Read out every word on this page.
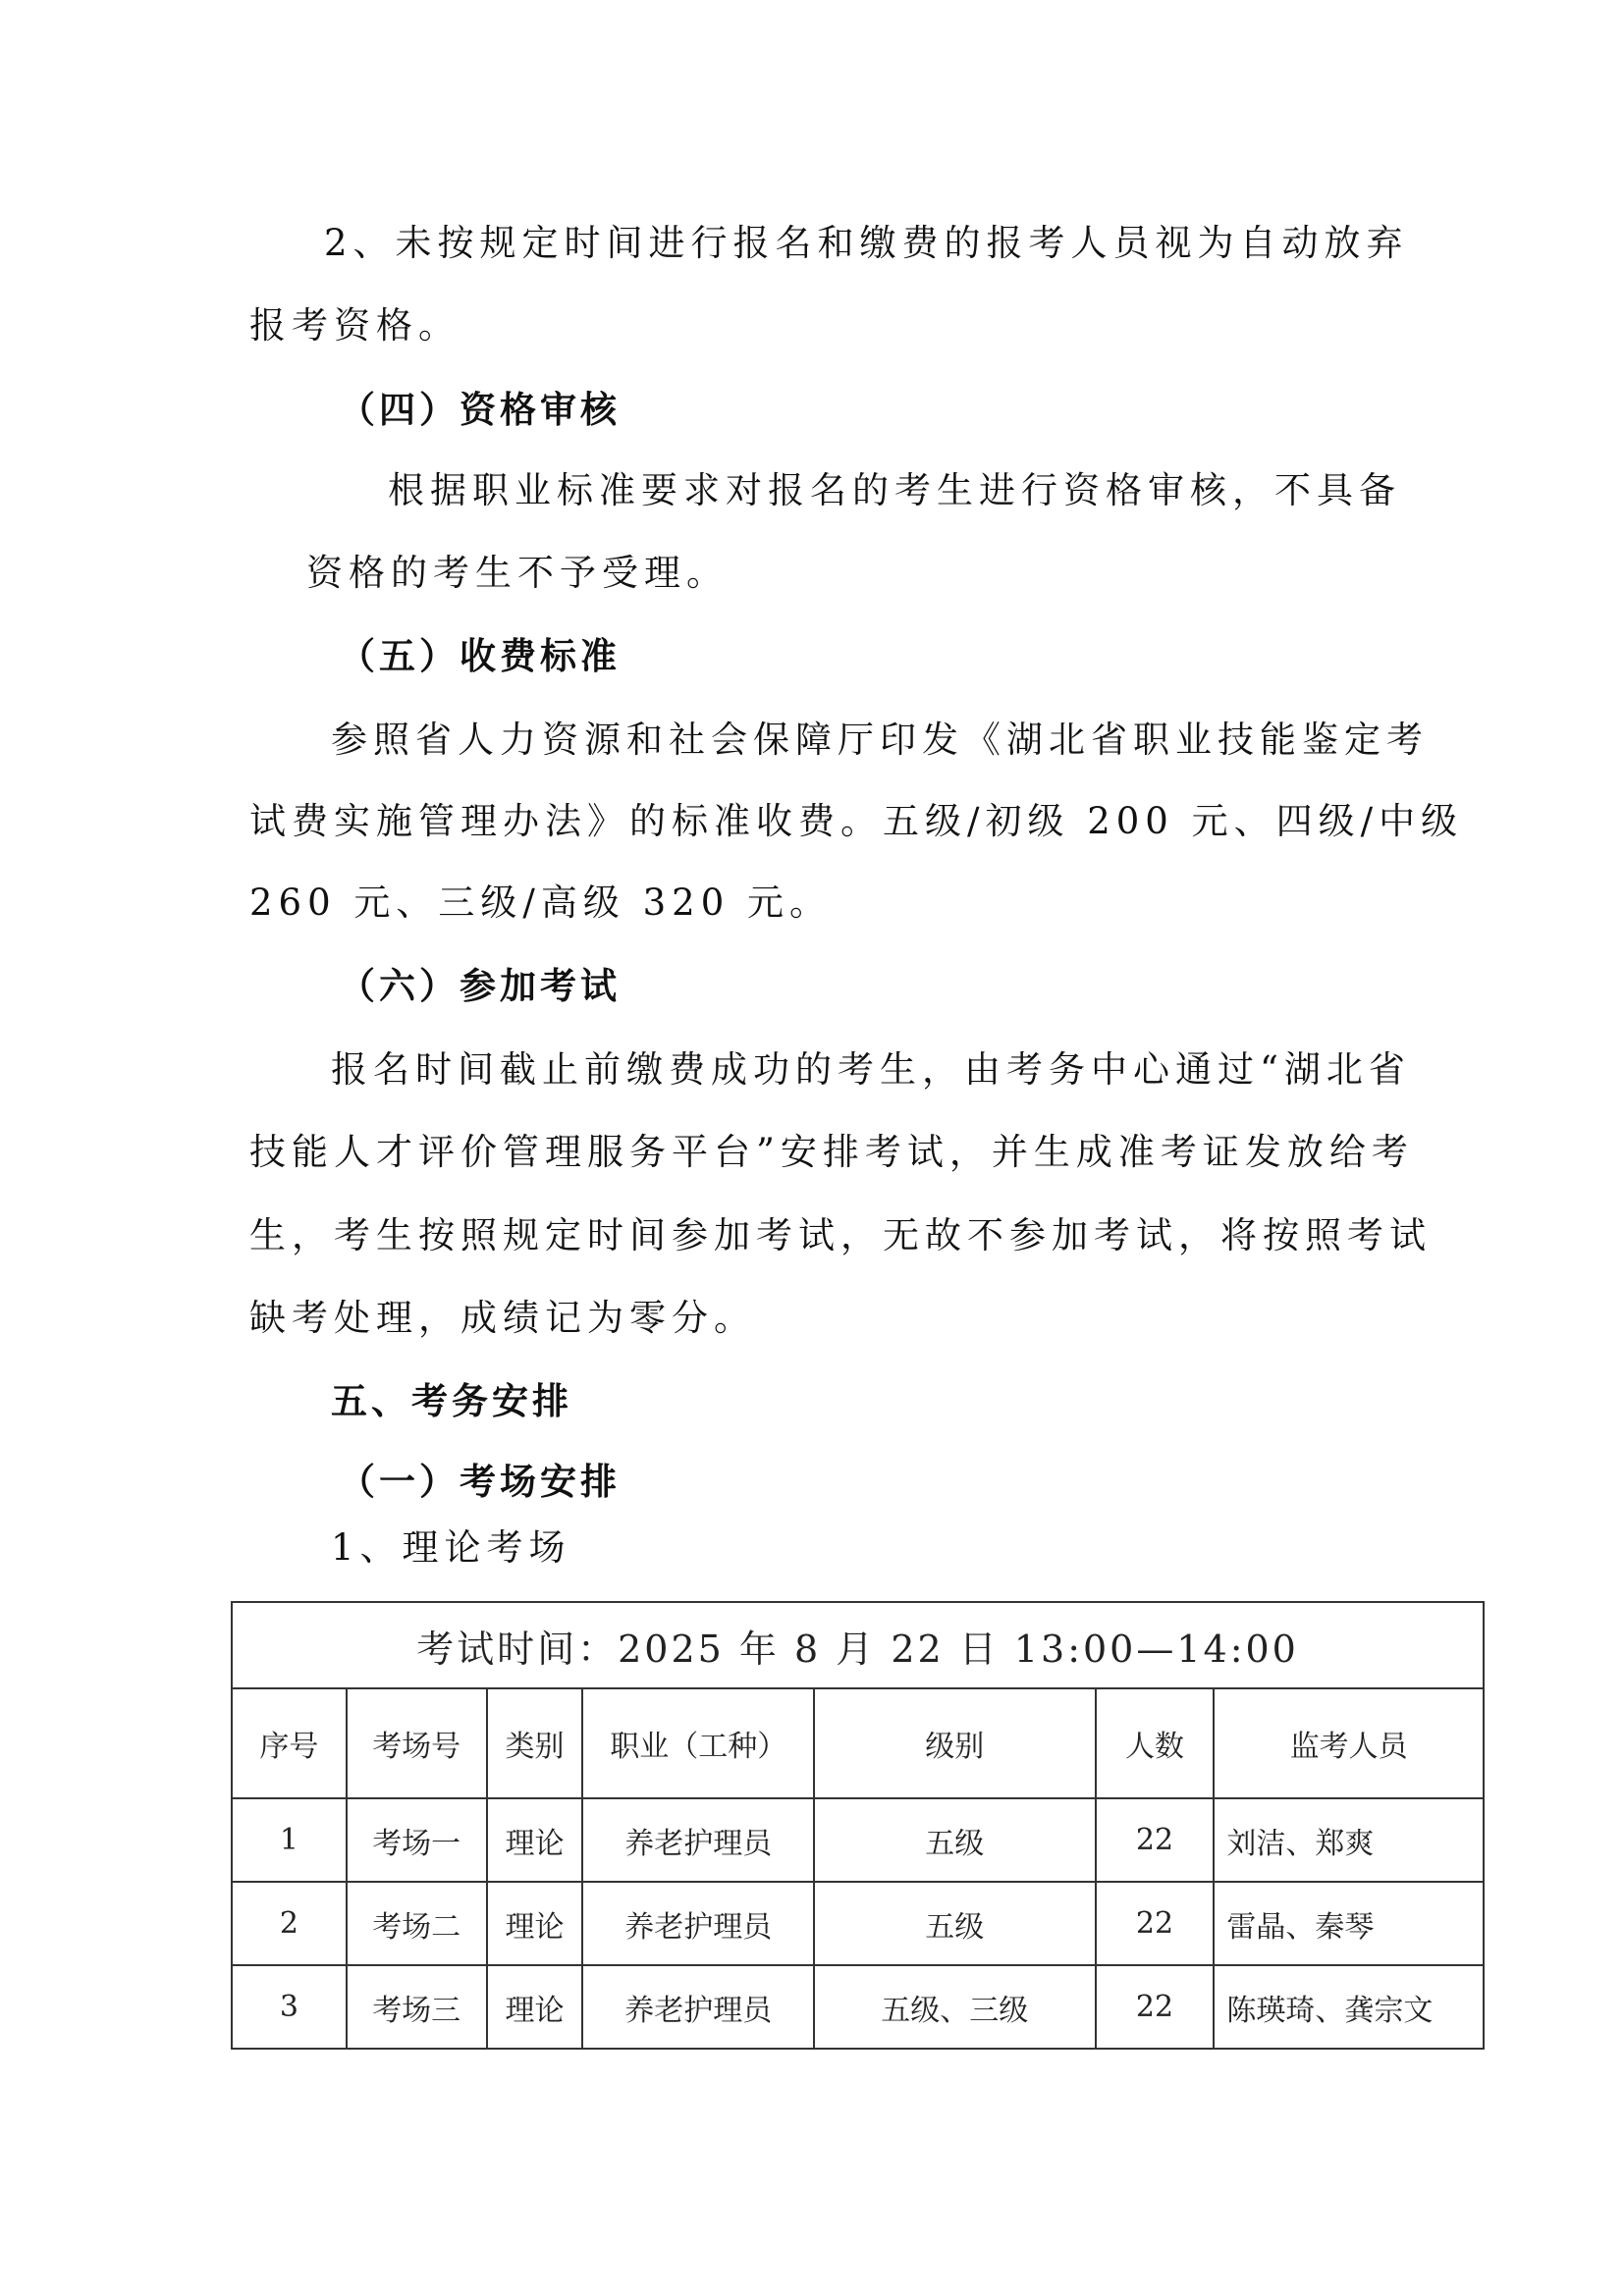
2、未按规定时间进行报名和缴费的报考人员视为自动放弃
报考资格。
（四）资格审核
根据职业标准要求对报名的考生进行资格审核，不具备
资格的考生不予受理。
（五）收费标准
参照省人力资源和社会保障厅印发《湖北省职业技能鉴定考
试费实施管理办法》的标准收费。五级/初级 200 元、四级/中级
260 元、三级/高级 320 元。
（六）参加考试
报名时间截止前缴费成功的考生，由考务中心通过“湖北省
技能人才评价管理服务平台”安排考试，并生成准考证发放给考
生，考生按照规定时间参加考试，无故不参加考试，将按照考试
缺考处理，成绩记为零分。
五、考务安排
（一）考场安排
1、理论考场
考试时间：2025 年 8 月 22 日 13:00—14:00						
序号	考场号	类别	职业（工种）	级别	人数	监考人员
1	考场一	理论	养老护理员	五级	22	刘洁、郑爽
2	考场二	理论	养老护理员	五级	22	雷晶、秦琴
3	考场三	理论	养老护理员	五级、三级	22	陈瑛琦、龚宗文
